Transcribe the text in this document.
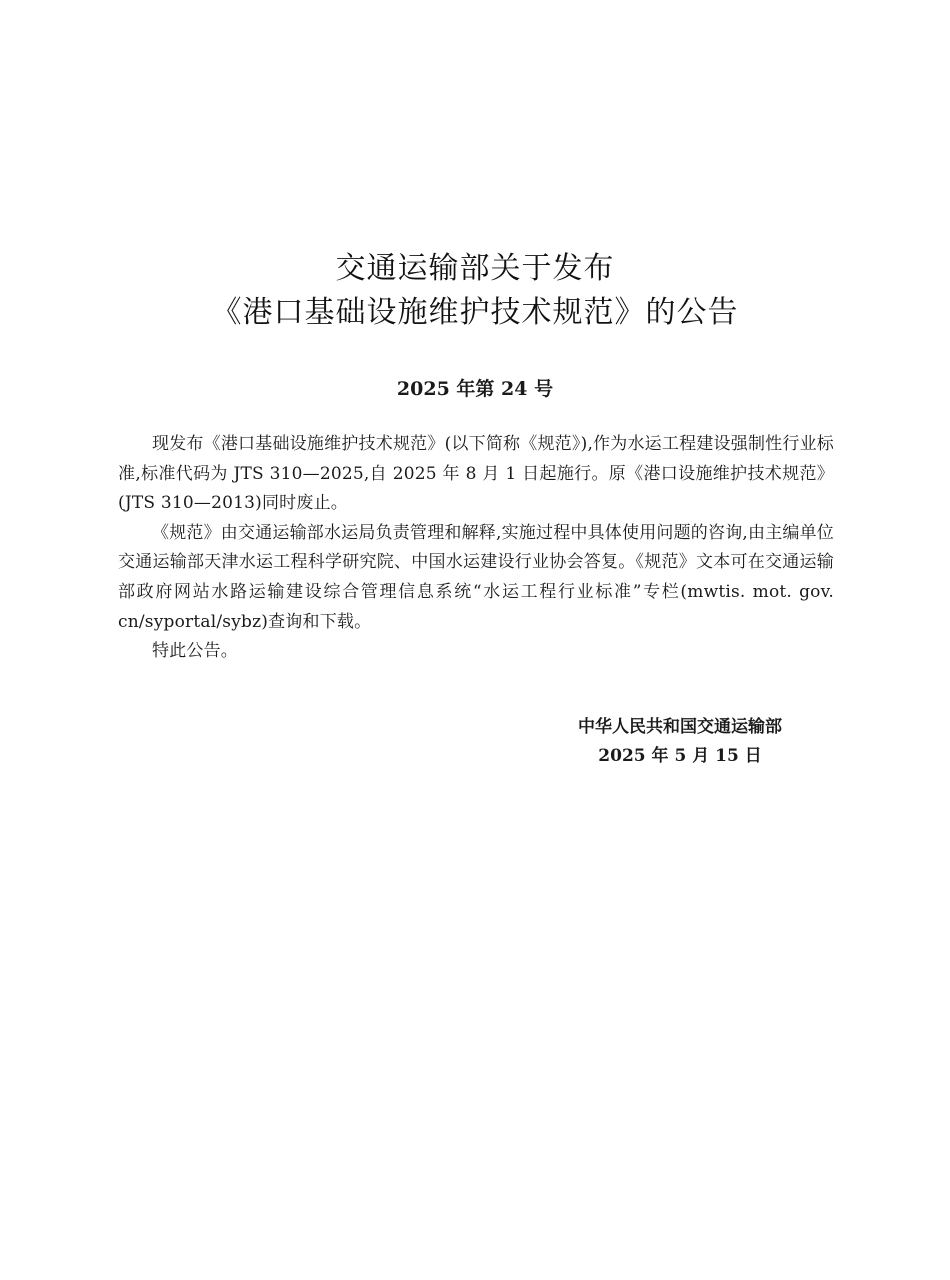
交通运输部关于发布
《港口基础设施维护技术规范》的公告
2025 年第 24 号

现发布《港口基础设施维护技术规范》(以下简称《规范》),作为水运工程建设强制性行业标准,标准代码为 JTS 310—2025,自 2025 年 8 月 1 日起施行。原《港口设施维护技术规范》(JTS 310—2013)同时废止。

《规范》由交通运输部水运局负责管理和解释,实施过程中具体使用问题的咨询,由主编单位交通运输部天津水运工程科学研究院、中国水运建设行业协会答复。《规范》文本可在交通运输部政府网站水路运输建设综合管理信息系统“水运工程行业标准”专栏(mwtis. mot. gov. cn/syportal/sybz)查询和下载。

特此公告。

中华人民共和国交通运输部
2025 年 5 月 15 日
